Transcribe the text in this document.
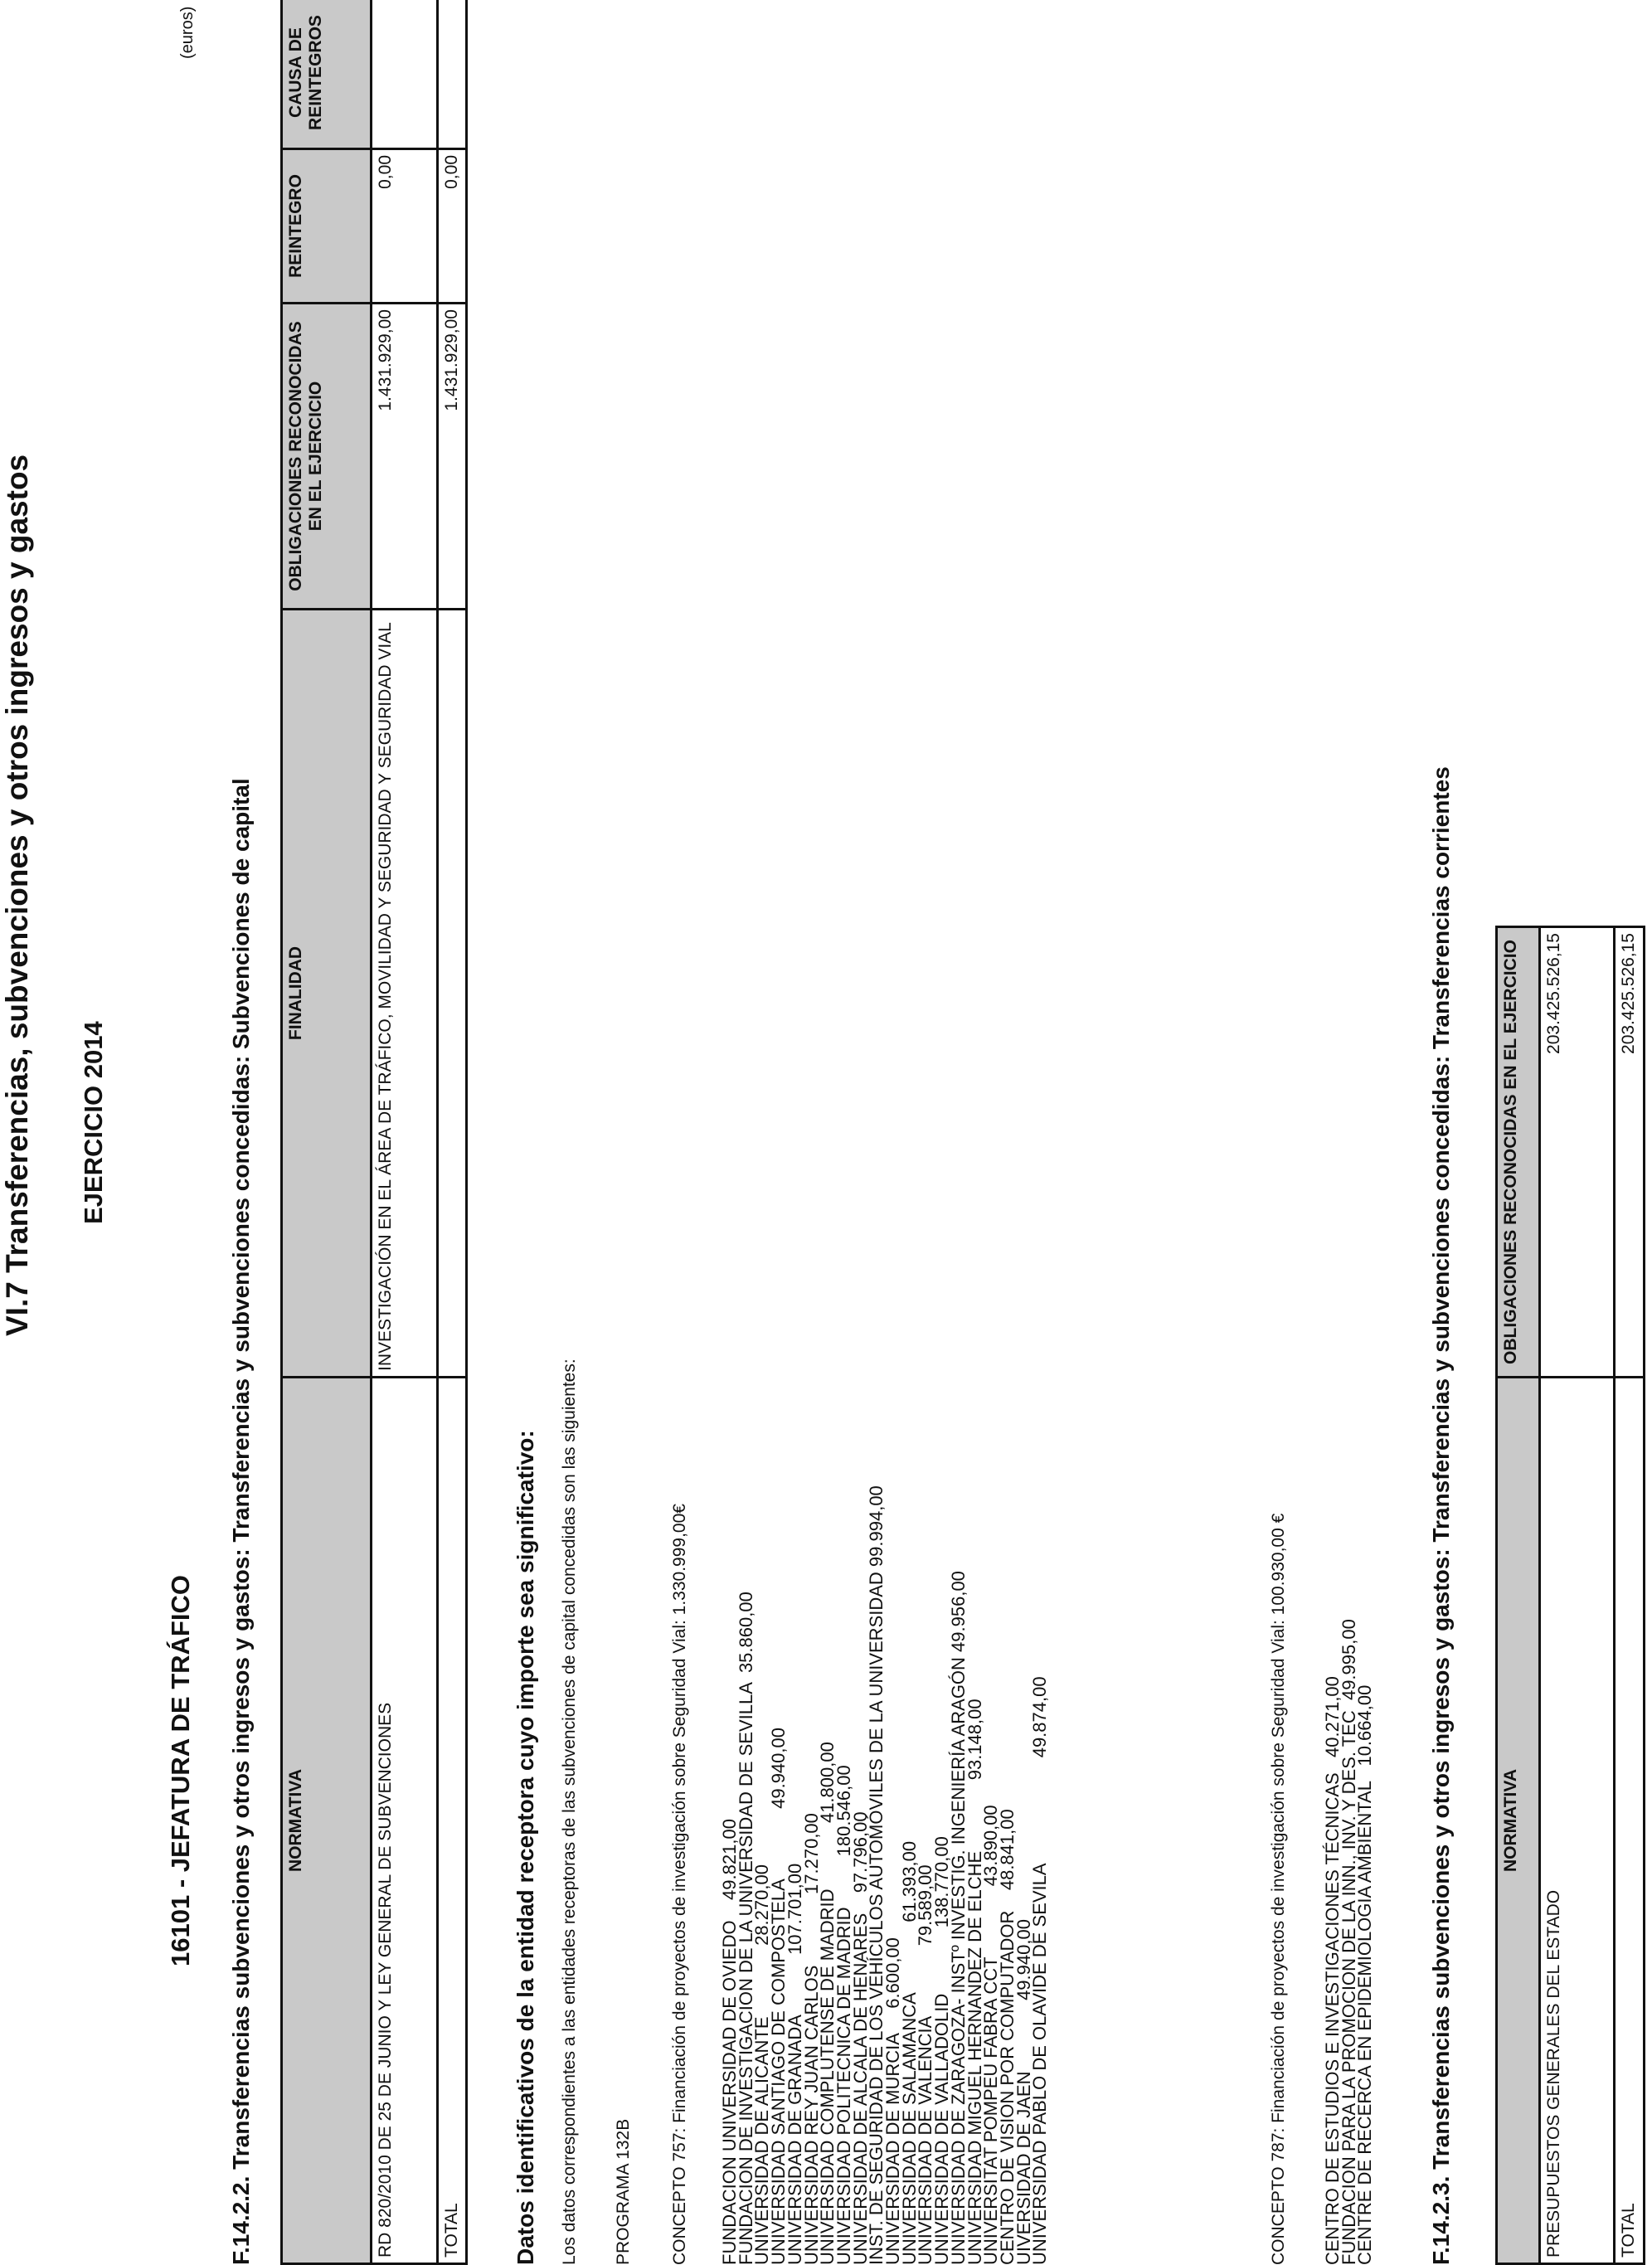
VI.7 Transferencias, subvenciones y otros ingresos y gastos EJERCICIO 2014
(euros)
16101 - JEFATURA DE TRÁFICO F.14.2.2. Transferencias subvenciones y otros ingresos y gastos: Transferencias y subvenciones concedidas: Subvenciones de capital NORMATIVA	FINALIDAD	OBLIGACIONES RECONOCIDAS EN EL EJERCICIO	REINTEGRO	CAUSA DE REINTEGROS
RD 820/2010 DE 25 DE JUNIO Y LEY GENERAL DE SUBVENCIONES	INVESTIGACIÓN EN EL ÁREA DE TRÁFICO, MOVILIDAD Y SEGURIDAD Y SEGURIDAD VIAL	1.431.929,00	0,00	
TOTAL		1.431.929,00	0,00	
Datos identificativos de la entidad receptora cuyo importe sea significativo: Los datos correspondientes a las entidades receptoras de las subvenciones de capital concedidas son las siguientes: PROGRAMA 132B CONCEPTO 757: Financiación de proyectos de investigación sobre Seguridad Vial: 1.330.999,00€ FUNDACION UNIVERSIDAD DE OVIEDO    49.821,00
FUNDACION DE INVESTIGACION DE LA UNIVERSIDAD DE SEVILLA  35.860,00
UNIVERSIDAD DE ALICANTE              28.270,00
UNIVERSIDAD SANTIAGO DE COMPOSTELA              49.940,00
UNIVERSIDAD DE GRANADA            107.701,00
UNIVERSIDAD REY JUAN CARLOS              17.270,00
UNIVERSIDAD COMPLUTENSE DE MADRID             41.800,00
UNIVERSIDAD POLITECNICA DE MADRID          180.546,00
UNIVERSIDAD DE ALCALA DE HENARES    97.796,00
INST. DE SEGURIDAD DE LOS VEHÍCULOS AUTOMÓVILES DE LA UNIVERSIDAD 99.994,00
UNIVERSIDAD DE MURCIA     6.600,00
UNIVERSIDAD DE SALAMANCA              61.393,00
UNIVERSIDAD DE VALENCIA              79.589,00
UNIVERSIDAD DE VALLADOLID             138.770,00
UNIVERSIDAD DE ZARAGOZA- INSTº INVESTIG. INGENIERÍA ARAGÓN 49.956,00
UNIVERSIDAD MIGUEL HERNANDEZ DE ELCHE              93.148,00
UNIVERSITAT POMPEU FABRA CCT              43.890,00
CENTRO DE VISION POR COMPUTADOR    48.841,00
UIVERSIDAD DE JAEN              49.940,00
UNIVERSIDAD PABLO DE OLAVIDE DE SEVILA                     49.874,00	CONCEPTO 787: Financiación de proyectos de investigación sobre Seguridad Vial: 100.930,00 € CENTRO DE ESTUDIOS E INVESTIGACIONES TÉCNICAS   40.271,00
FUNDACION PARA LA PROMOCION DE LA INN., INV. Y DES. TEC  49.995,00
CENTRE DE RECERCA EN EPIDEMIOLOGIA AMBIENTAL   10.664,00 F.14.2.3. Transferencias subvenciones y otros ingresos y gastos: Transferencias y subvenciones concedidas: Transferencias corrientes	NORMATIVA	OBLIGACIONES RECONOCIDAS EN EL EJERCICIO
PRESUPUESTOS GENERALES DEL ESTADO	203.425.526,15
TOTAL	203.425.526,15
